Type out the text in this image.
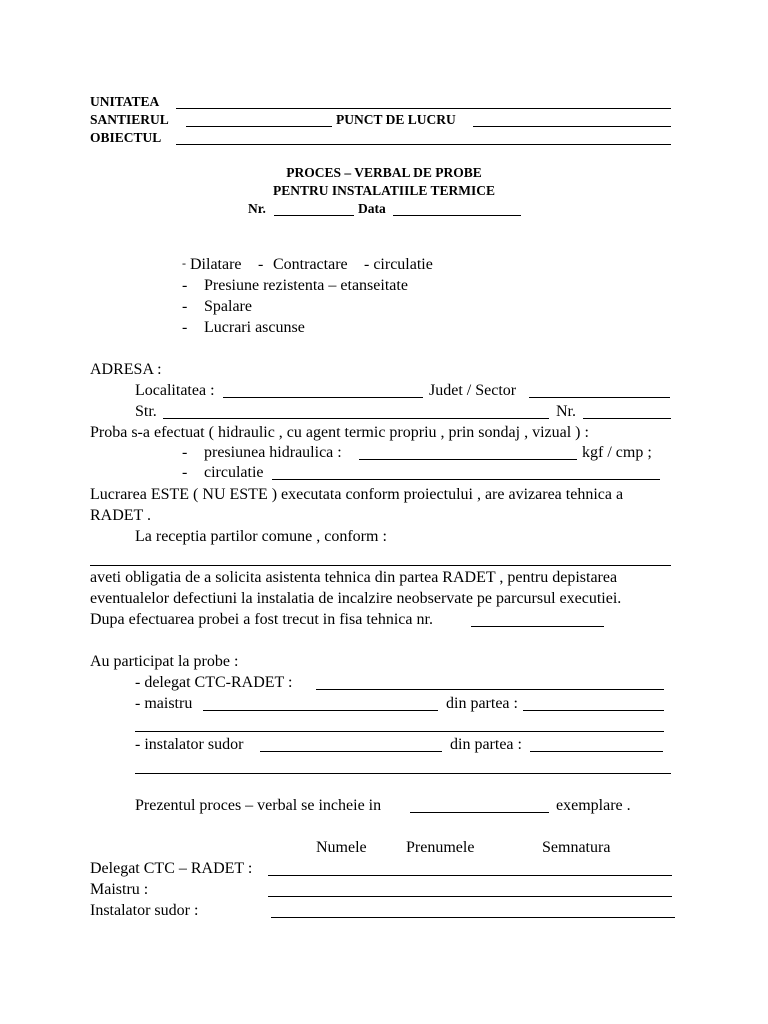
UNITATEA
SANTIERUL	PUNCT DE LUCRU
OBIECTUL
PROCES – VERBAL DE PROBE
PENTRU INSTALATIILE TERMICE
Nr.	Data
- Dilatare - Contractare - circulatie
- Presiune rezistenta – etanseitate
- Spalare
- Lucrari ascunse
ADRESA :
Localitatea :	Judet / Sector
Str.	Nr.
Proba s-a efectuat ( hidraulic , cu agent termic propriu , prin sondaj , vizual ) :
- presiunea hidraulica :	kgf / cmp ;
- circulatie
Lucrarea ESTE ( NU ESTE ) executata conform proiectului , are avizarea tehnica a
RADET .
La receptia partilor comune , conform :
aveti obligatia de a solicita asistenta tehnica din partea RADET , pentru depistarea
eventualelor defectiuni la instalatia de incalzire neobservate pe parcursul executiei.
Dupa efectuarea probei a fost trecut in fisa tehnica nr.
Au participat la probe :
- delegat CTC-RADET :
- maistru	din partea :
- instalator sudor	din partea :
Prezentul proces – verbal se incheie in	exemplare .
Numele Prenumele	Semnatura
Delegat CTC – RADET :
Maistru :
Instalator sudor :
